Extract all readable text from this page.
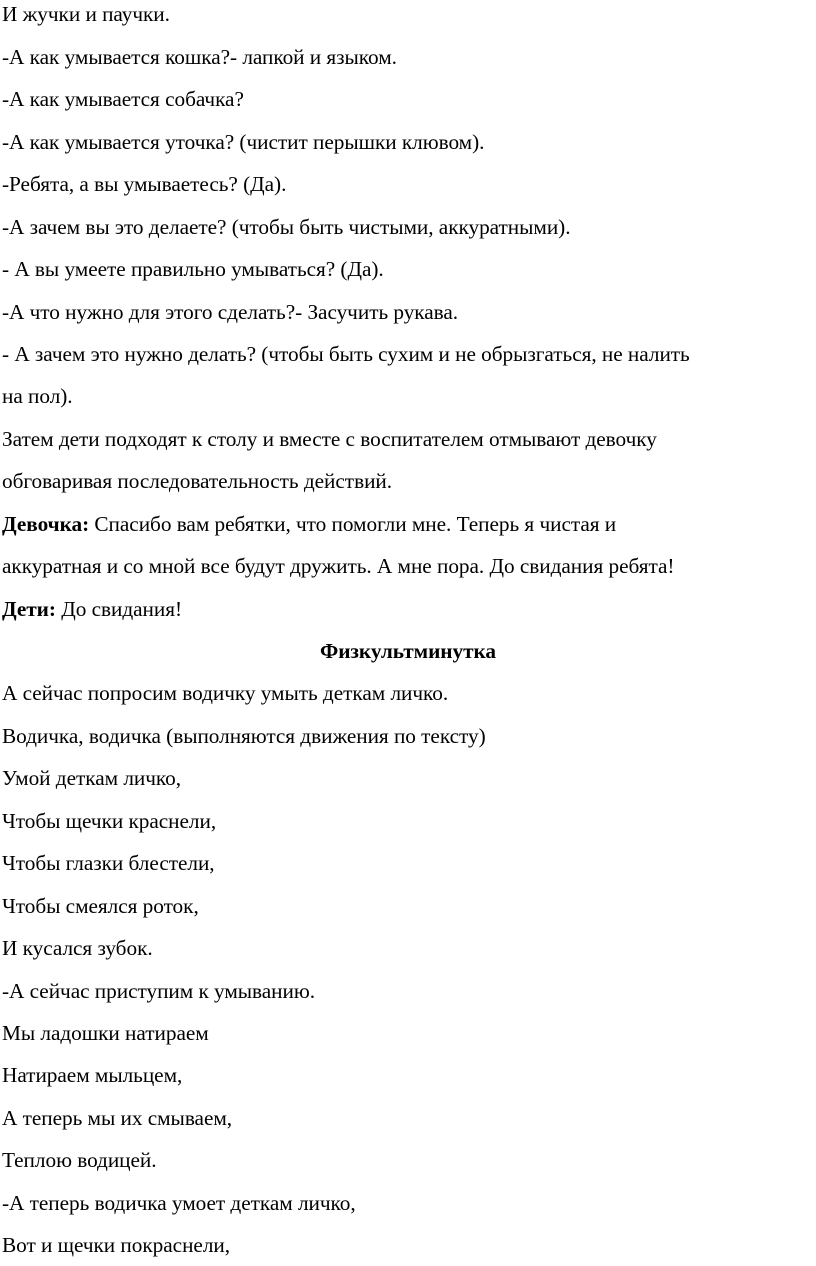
И жучки и паучки.
-А как умывается кошка?- лапкой и языком.
-А как умывается собачка?
-А как умывается уточка? (чистит перышки клювом).
-Ребята, а вы умываетесь? (Да).
-А зачем вы это делаете? (чтобы быть чистыми, аккуратными).
- А вы умеете правильно умываться? (Да).
-А что нужно для этого сделать?- Засучить рукава.
- А зачем это нужно делать? (чтобы быть сухим и не обрызгаться, не налить
на пол).
Затем дети подходят к столу и вместе с воспитателем отмывают девочку
обговаривая последовательность действий.
Девочка: Спасибо вам ребятки, что помогли мне. Теперь я чистая и
аккуратная и со мной все будут дружить. А мне пора. До свидания ребята!
Дети: До свидания!
Физкультминутка
А сейчас попросим водичку умыть деткам личко.
Водичка, водичка (выполняются движения по тексту)
Умой деткам личко,
Чтобы щечки краснели,
Чтобы глазки блестели,
Чтобы смеялся роток,
И кусался зубок.
-А сейчас приступим к умыванию.
Мы ладошки натираем
Натираем мыльцем,
А теперь мы их смываем,
Теплою водицей.
-А теперь водичка умоет деткам личко,
Вот и щечки покраснели,
